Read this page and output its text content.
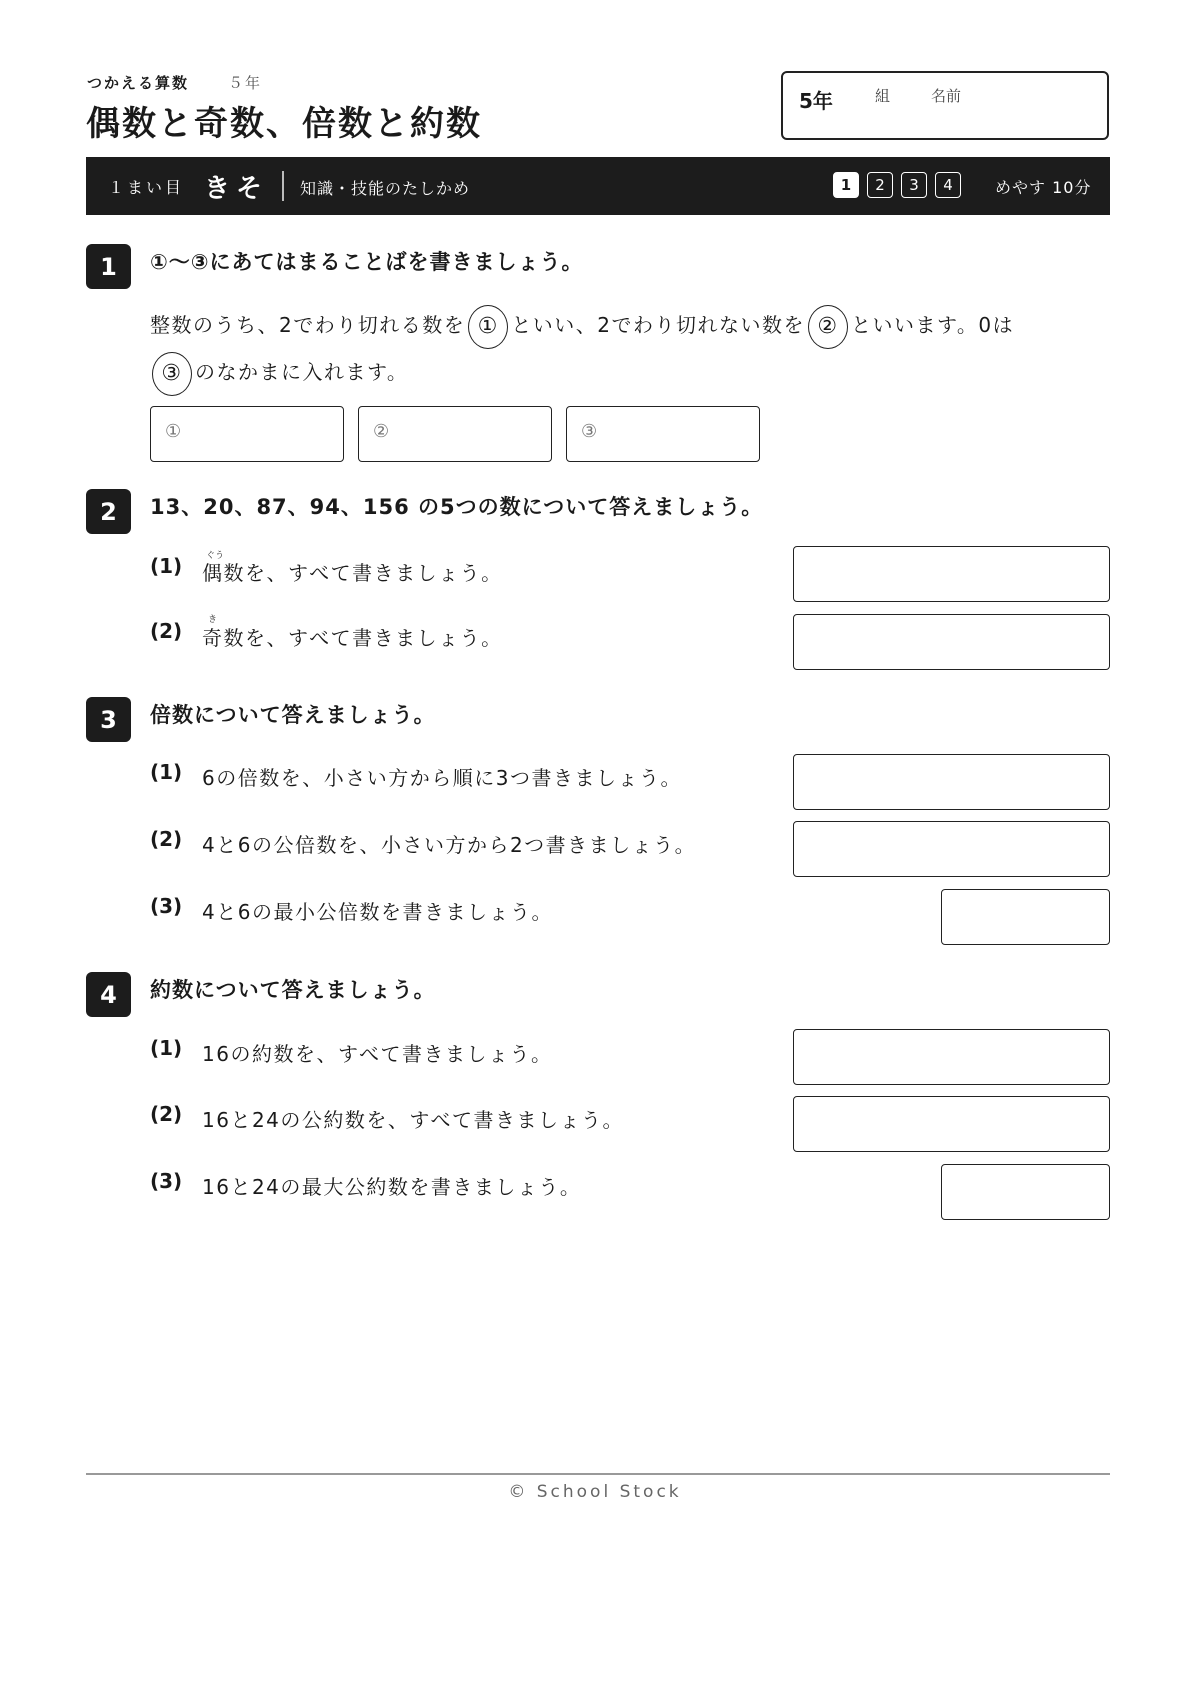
つかえる算数	５年
偶数と奇数、倍数と約数
5年	組	名前
１まい目 きそ 知識・技能のたしかめ	1	2	3	4	めやす 10分
1	①〜③にあてはまることばを書きましょう。
整数のうち、2でわり切れる数を ① といい、2でわり切れない数を ② といいます。0は
③ のなかまに入れます。
①	②	③
2	13、20、87、94、156 の5つの数について答えましょう。
(1)	ぐう
偶数を、すべて書きましょう。
(2)	き
奇数を、すべて書きましょう。
3	倍数について答えましょう。
(1) 6の倍数を、小さい方から順に3つ書きましょう。
(2) 4と6の公倍数を、小さい方から2つ書きましょう。
(3) 4と6の最小公倍数を書きましょう。
4	約数について答えましょう。
(1) 16の約数を、すべて書きましょう。
(2) 16と24の公約数を、すべて書きましょう。
(3) 16と24の最大公約数を書きましょう。
© School Stock
